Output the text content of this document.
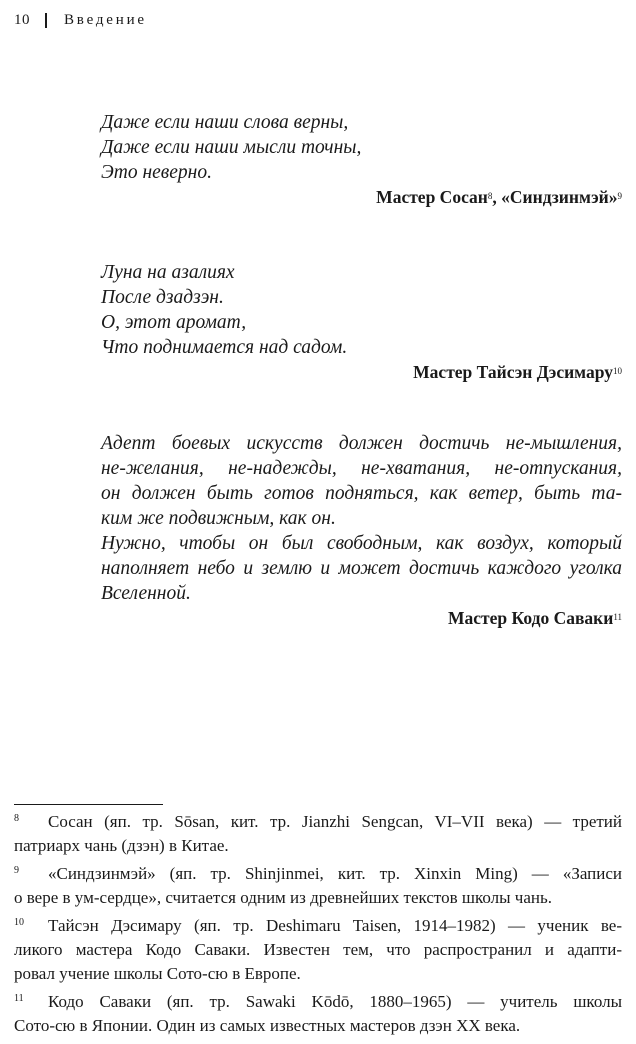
10 Введение
Даже если наши слова верны,
Даже если наши мысли точны,
Это неверно.
Мастер Сосан$^8$, «Синдзинмэй»$^9$
Луна на азалиях
После дзадзэн.
О, этот аромат,
Что поднимается над садом.
Мастер Тайсэн Дэсимару$^{10}$
Адепт боевых искусств должен достичь не-мышления,
не-желания, не-надежды, не-хватания, не-отпускания,
он должен быть готов подняться, как ветер, быть та-
ким же подвижным, как он.
Нужно, чтобы он был свободным, как воздух, который
наполняет небо и землю и может достичь каждого уголка
Вселенной.
Мастер Кодо Саваки$^{11}$
8	Сосан (яп. тр. Sōsan, кит. тр. Jianzhi Sengcan, VI–VII века) — третий
патриарх чань (дзэн) в Китае.
9	«Синдзинмэй» (яп. тр. Shinjinmei, кит. тр. Xinxin Ming) — «Записи
о вере в ум-сердце», считается одним из древнейших текстов школы чань.
10	Тайсэн Дэсимару (яп. тр. Deshimaru Taisen, 1914–1982) — ученик ве-
ликого мастера Кодо Саваки. Известен тем, что распространил и адапти-
ровал учение школы Сото-сю в Европе.
11	Кодо Саваки (яп. тр. Sawaki Kōdō, 1880–1965) — учитель школы
Сото-сю в Японии. Один из самых известных мастеров дзэн XX века.
